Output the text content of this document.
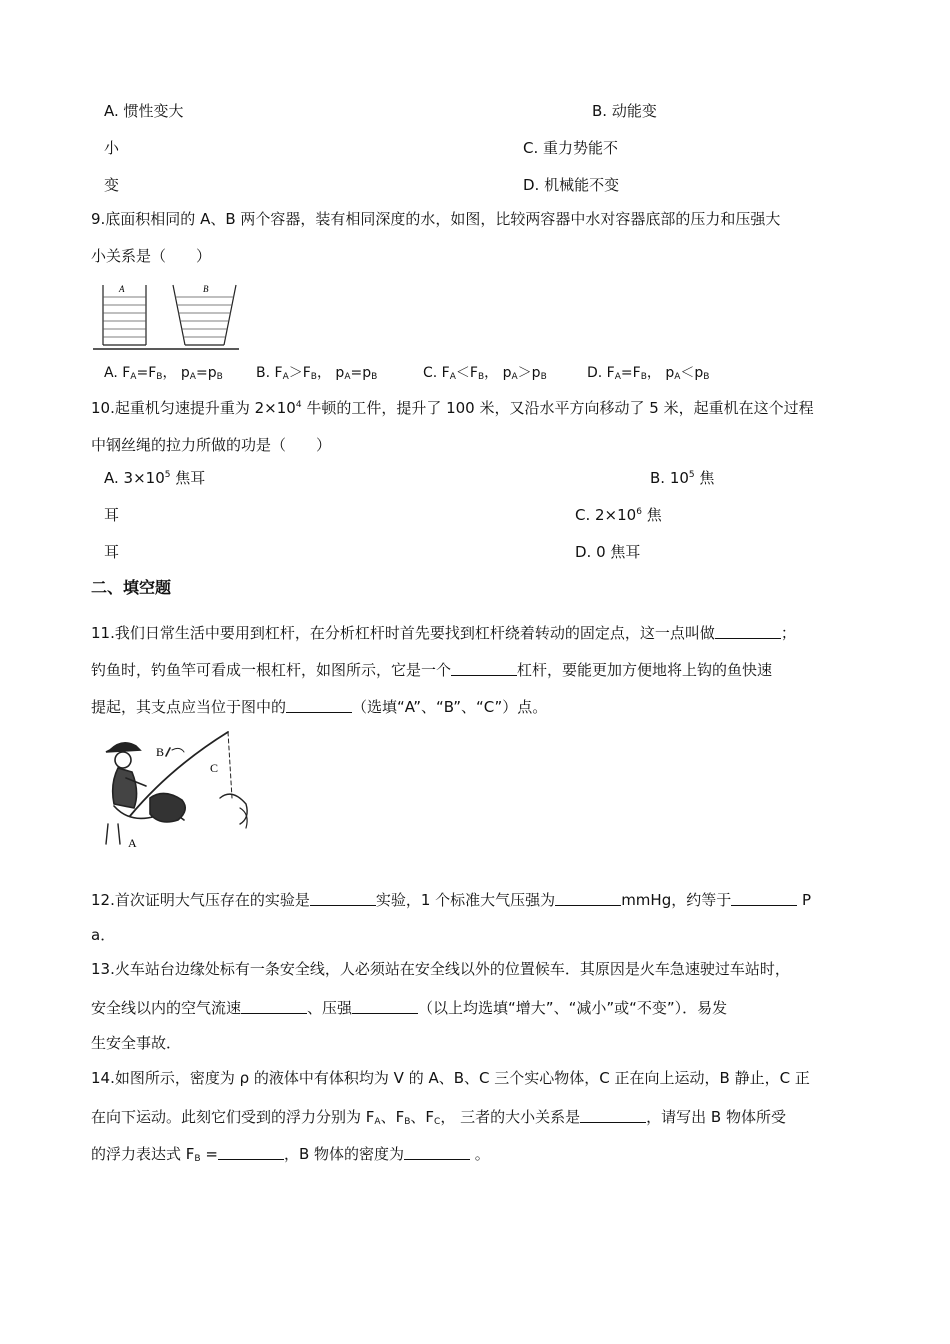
A. 惯性变大	B. 动能变
小	C. 重力势能不
变	D. 机械能不变
9.底面积相同的 A、B 两个容器，装有相同深度的水，如图，比较两容器中水对容器底部的压力和压强大
小关系是（　　）
A	B
A. $F_A=F_B$， $p_A=p_B$ B. $F_A>F_B$， $p_A=p_B$	C. $F_A<F_B$， $p_A>p_B$	D. $F_A=F_B$， $p_A<p_B$
10.起重机匀速提升重为 $2\times 10^4$ 牛顿的工件，提升了 100 米，又沿水平方向移动了 5 米，起重机在这个过程
中钢丝绳的拉力所做的功是（　　）
A. $3\times 10^5$ 焦耳	B. $10^5$ 焦
耳	C. $2\times 10^6$ 焦
耳	D. 0 焦耳
二、填空题
11.我们日常生活中要用到杠杆，在分析杠杆时首先要找到杠杆绕着转动的固定点，这一点叫做	；
钓鱼时，钓鱼竿可看成一根杠杆，如图所示，它是一个	杠杆，要能更加方便地将上钩的鱼快速
提起，其支点应当位于图中的	（选填“A”、“B”、“C”）点。
A
B
C
12.首次证明大气压存在的实验是	实验，1 个标准大气压强为	mmHg，约等于	P
a．
13.火车站台边缘处标有一条安全线，人必须站在安全线以外的位置候车．其原因是火车急速驶过车站时，
安全线以内的空气流速	、压强	（以上均选填“增大”、“减小”或“不变”）．易发
生安全事故．
14.如图所示，密度为 ρ 的液体中有体积均为 V 的 A、B、C 三个实心物体，C 正在向上运动，B 静止，C 正
在向下运动。此刻它们受到的浮力分别为 $F_A$、$F_B$、$F_C$， 三者的大小关系是	，请写出 B 物体所受
的浮力表达式 $F_B$ =	，B 物体的密度为	。
